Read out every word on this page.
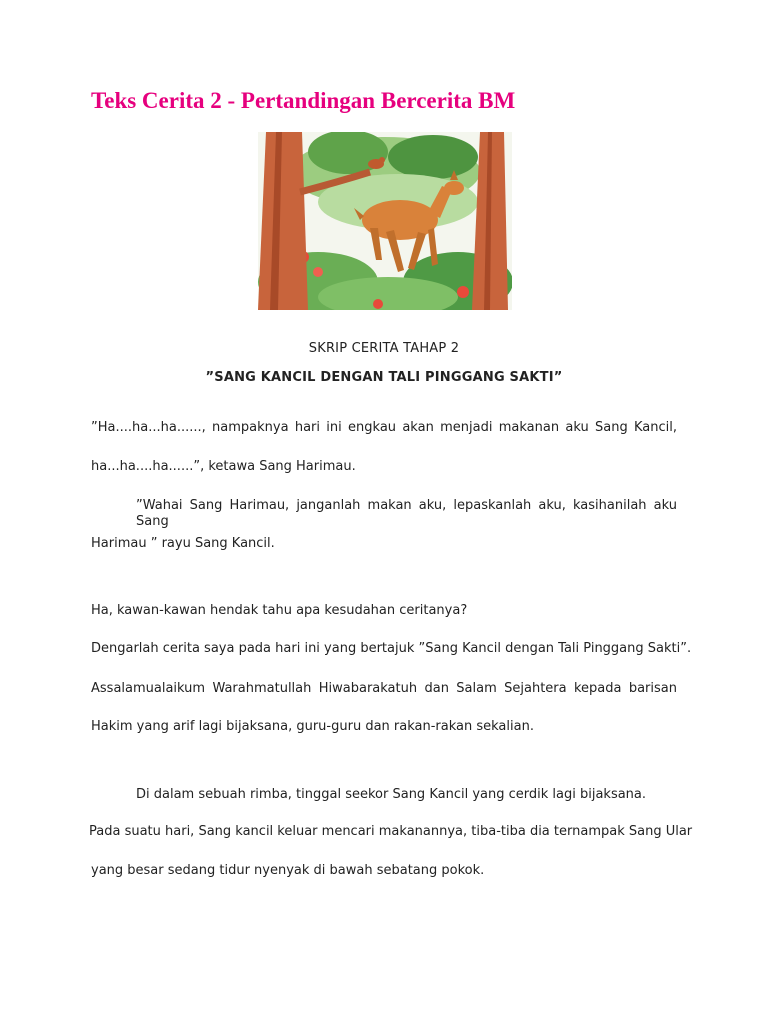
Teks Cerita 2 - Pertandingan Bercerita BM
SKRIP CERITA TAHAP 2
”SANG KANCIL DENGAN TALI PINGGANG SAKTI”
”Ha....ha...ha......, nampaknya hari ini engkau akan menjadi makanan aku Sang Kancil,
ha...ha....ha......”, ketawa Sang Harimau.
”Wahai Sang Harimau, janganlah makan aku, lepaskanlah aku, kasihanilah aku Sang
Harimau ” rayu Sang Kancil.
Ha, kawan-kawan hendak tahu apa kesudahan ceritanya?
Dengarlah cerita saya pada hari ini yang bertajuk ”Sang Kancil dengan Tali Pinggang Sakti”.
Assalamualaikum Warahmatullah Hiwabarakatuh dan Salam Sejahtera kepada barisan
Hakim yang arif lagi bijaksana, guru-guru dan rakan-rakan sekalian.
Di dalam sebuah rimba, tinggal seekor Sang Kancil yang cerdik lagi bijaksana.
Pada suatu hari, Sang kancil keluar mencari makanannya, tiba-tiba dia ternampak Sang Ular
yang besar sedang tidur nyenyak di bawah sebatang pokok.
